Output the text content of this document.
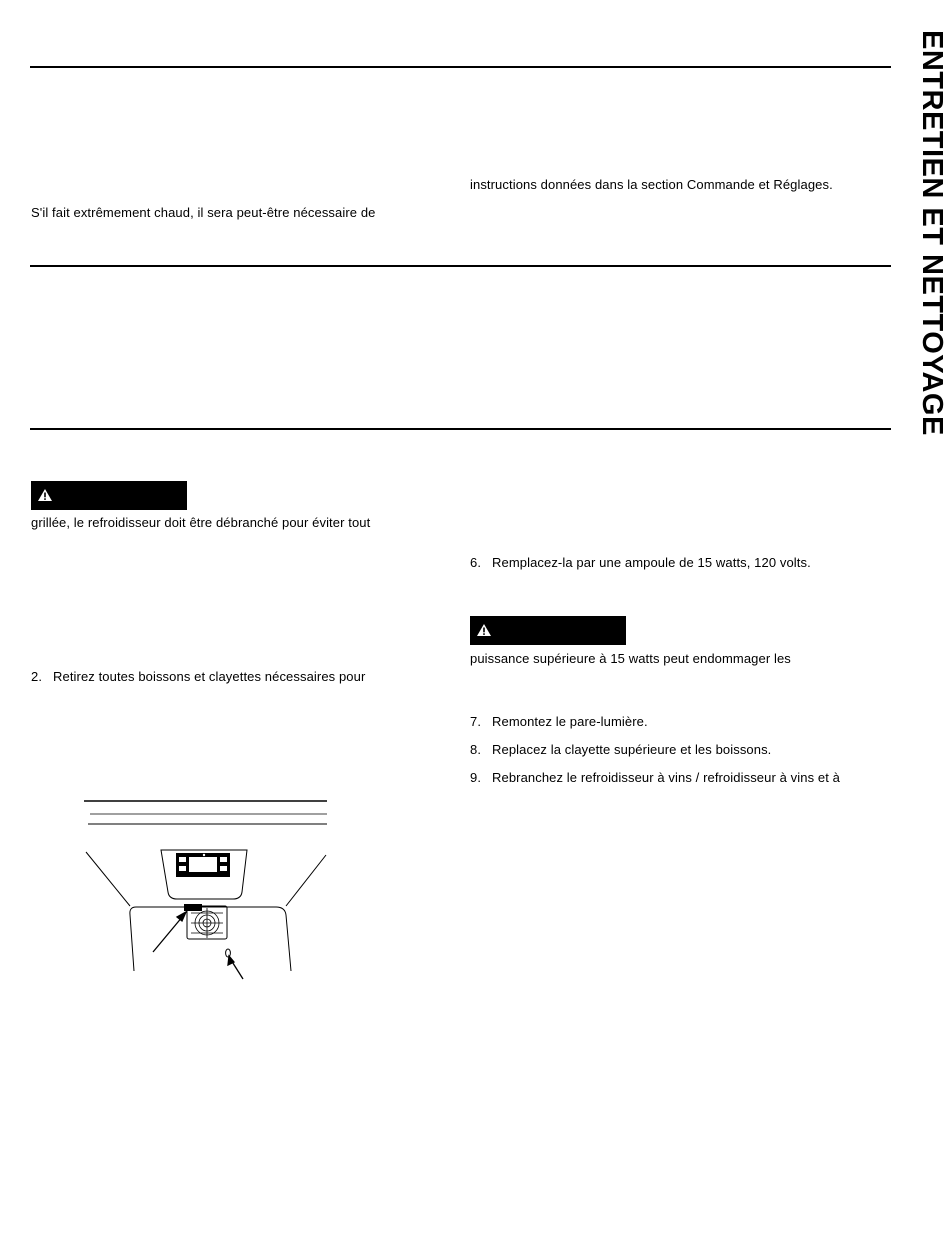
ENTRETIEN ET NETTOYAGE
instructions données dans la section Commande et Réglages.
S'il fait extrêmement chaud, il sera peut-être nécessaire de
grillée, le refroidisseur doit être débranché pour éviter tout
2. Retirez toutes boissons et clayettes nécessaires pour
6. Remplacez-la par une ampoule de 15 watts, 120 volts.
puissance supérieure à 15 watts peut endommager les
7. Remontez le pare-lumière.
8. Replacez la clayette supérieure et les boissons.
9. Rebranchez le refroidisseur à vins / refroidisseur à vins et à
